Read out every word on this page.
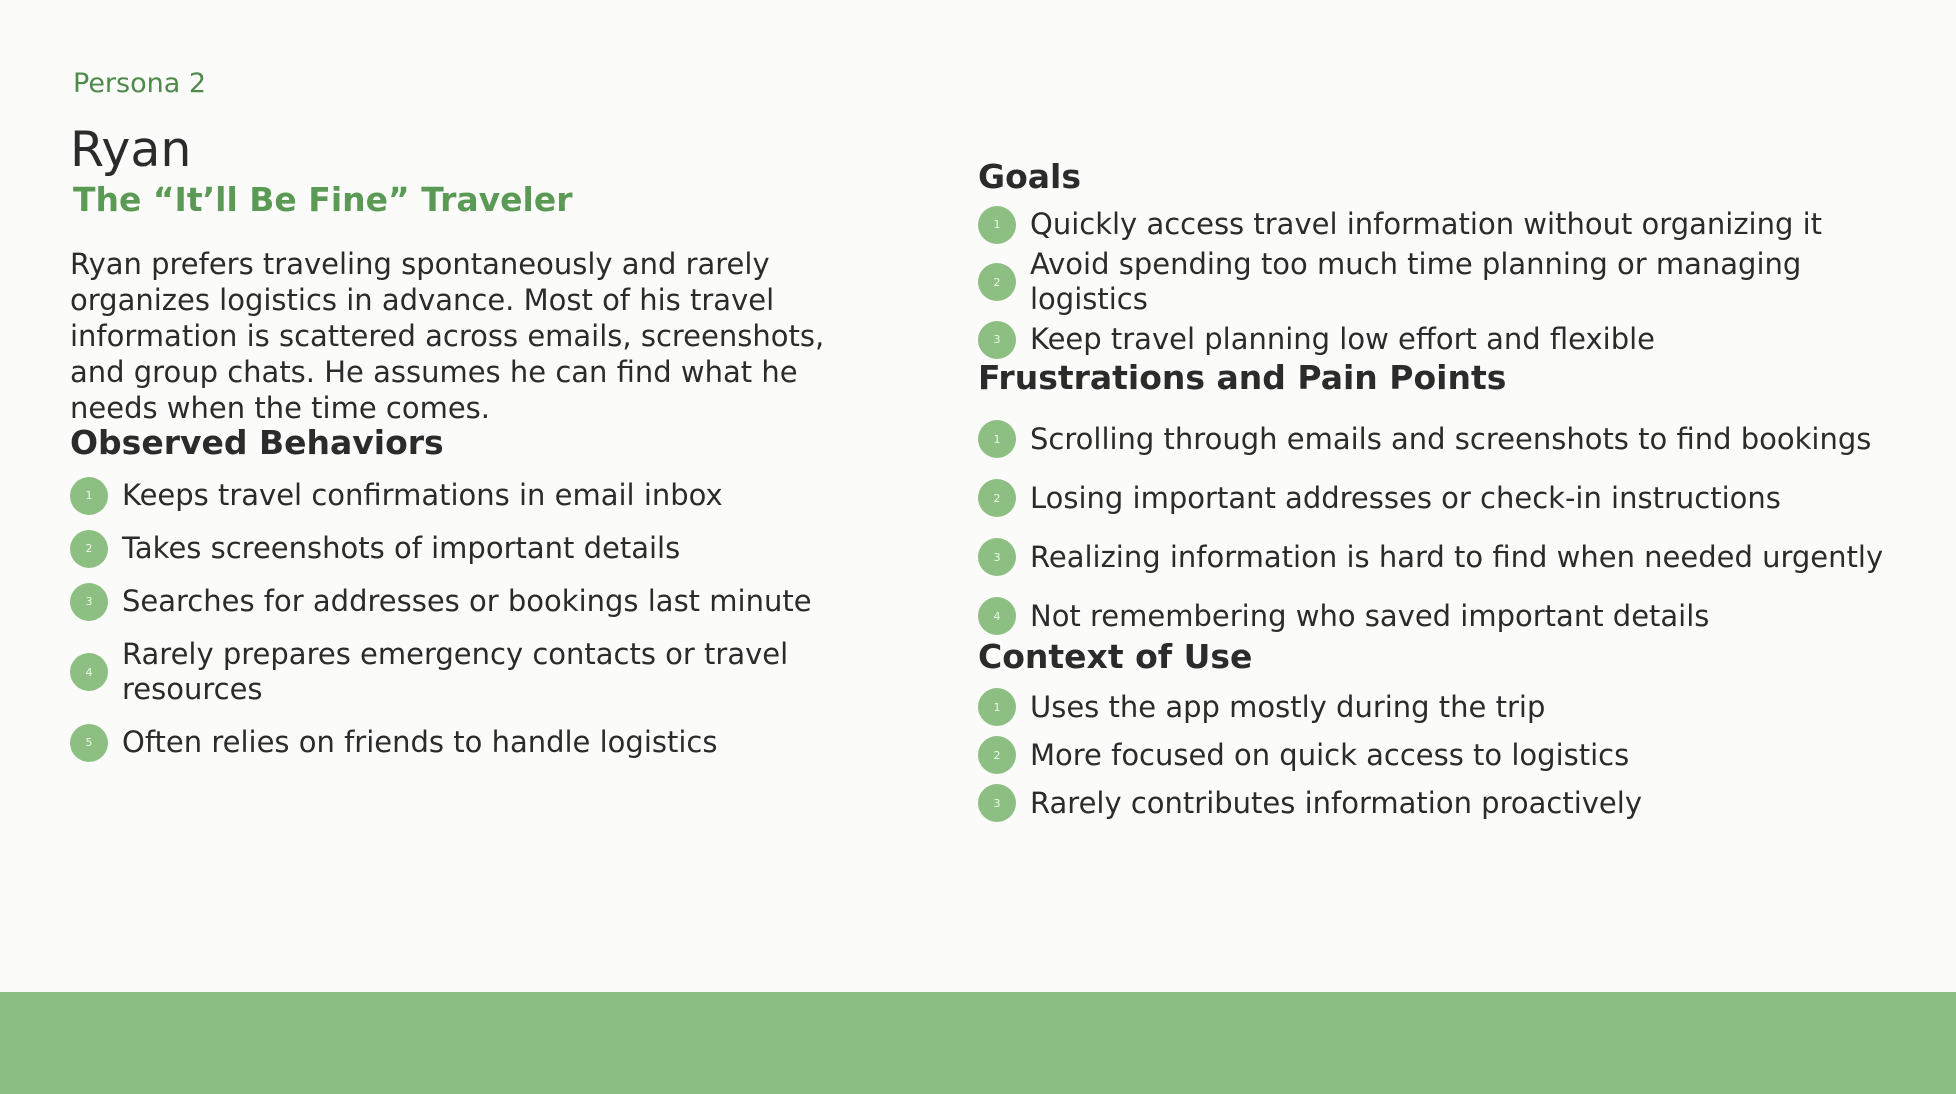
Persona 2
Ryan
The “It’ll Be Fine” Traveler

Ryan prefers traveling spontaneously and rarely organizes logistics in advance. Most of his travel information is scattered across emails, screenshots, and group chats. He assumes he can find what he needs when the time comes.

Observed Behaviors
1	Keeps travel confirmations in email inbox
2	Takes screenshots of important details
3	Searches for addresses or bookings last minute
4
Rarely prepares emergency contacts or travel resources
5	Often relies on friends to handle logistics
Goals
1	Quickly access travel information without organizing it
2
Avoid spending too much time planning or managing logistics
3	Keep travel planning low effort and flexible
Frustrations and Pain Points
1	Scrolling through emails and screenshots to find bookings
2	Losing important addresses or check-in instructions
3	Realizing information is hard to find when needed urgently
4	Not remembering who saved important details
Context of Use
1	Uses the app mostly during the trip
2	More focused on quick access to logistics
3	Rarely contributes information proactively
